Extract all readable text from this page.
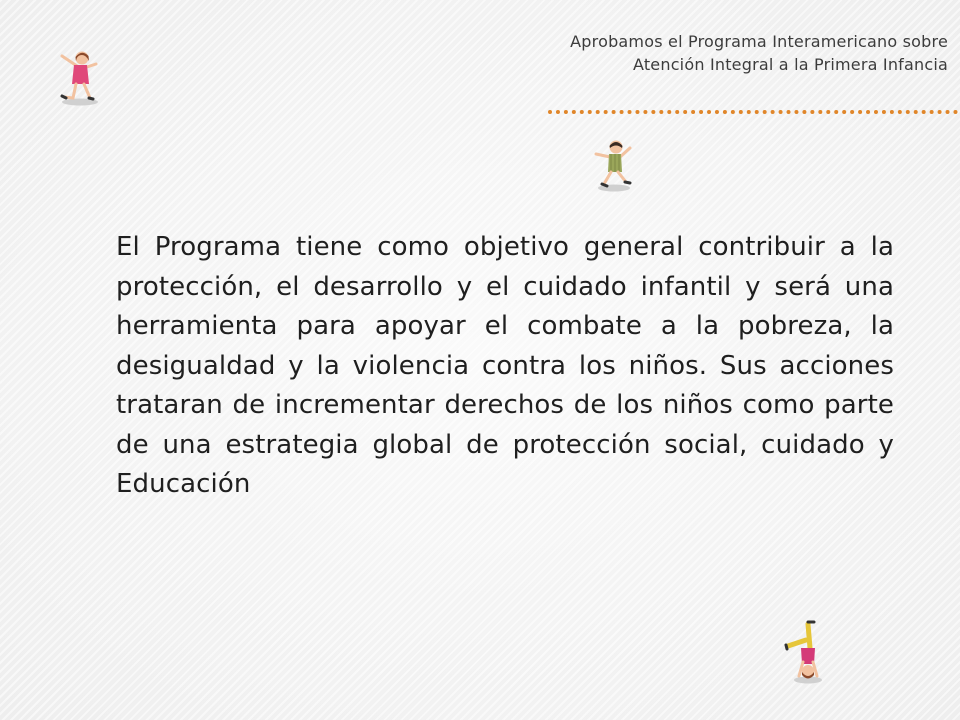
Aprobamos el Programa Interamericano sobre Atención Integral a la Primera Infancia
El Programa tiene como objetivo general contribuir a la protección, el desarrollo y el cuidado infantil y será una herramienta para apoyar el combate a la pobreza, la desigualdad y la violencia contra los niños. Sus acciones trataran de incrementar derechos de los niños como parte de una estrategia global de protección social, cuidado y Educación
